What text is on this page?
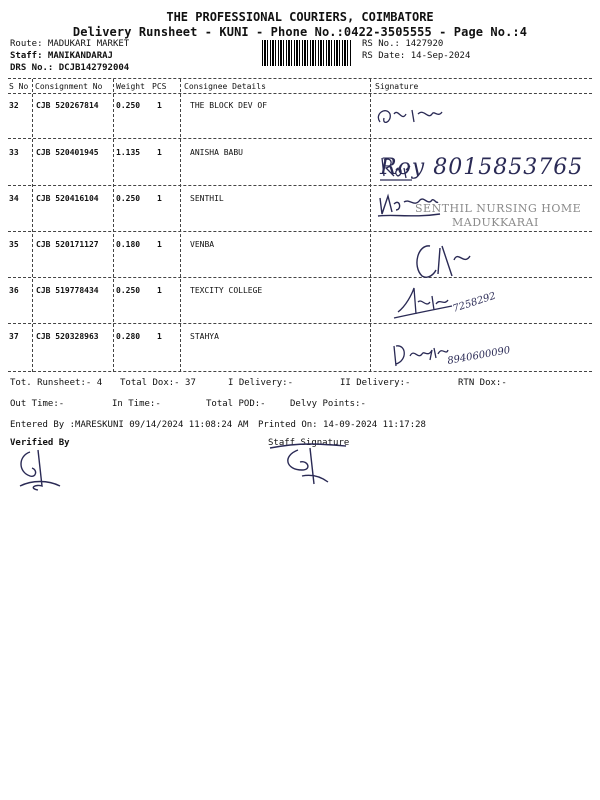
THE PROFESSIONAL COURIERS, COIMBATORE
Delivery Runsheet - KUNI - Phone No.:0422-3505555 - Page No.:4
Route: MADUKARI MARKET
Staff: MANIKANDARAJ
DRS No.: DCJB142792004
RS No.: 1427920
RS Date: 14-Sep-2024
S No Consignment No Weight PCS Consignee Details	Signature
32 CJB 520267814 0.250 1	THE BLOCK DEV OF
33 CJB 520401945 1.135 1	ANISHA BABU
34 CJB 520416104 0.250 1	SENTHIL
35 CJB 520171127 0.180 1	VENBA
36 CJB 519778434 0.250 1	TEXCITY COLLEGE
37 CJB 520328963 0.280 1	STAHYA
Roy 8015853765
SENTHIL NURSING HOME
MADUKKARAI
7258292
8940600090
Tot. Runsheet:- 4 Total Dox:- 37	I Delivery:-	II Delivery:-	RTN Dox:-
Out Time:-	In Time:-	Total POD:-	Delvy Points:-
Entered By :MARESKUNI 09/14/2024 11:08:24 AM Printed On: 14-09-2024 11:17:28
Verified By	Staff Signature
